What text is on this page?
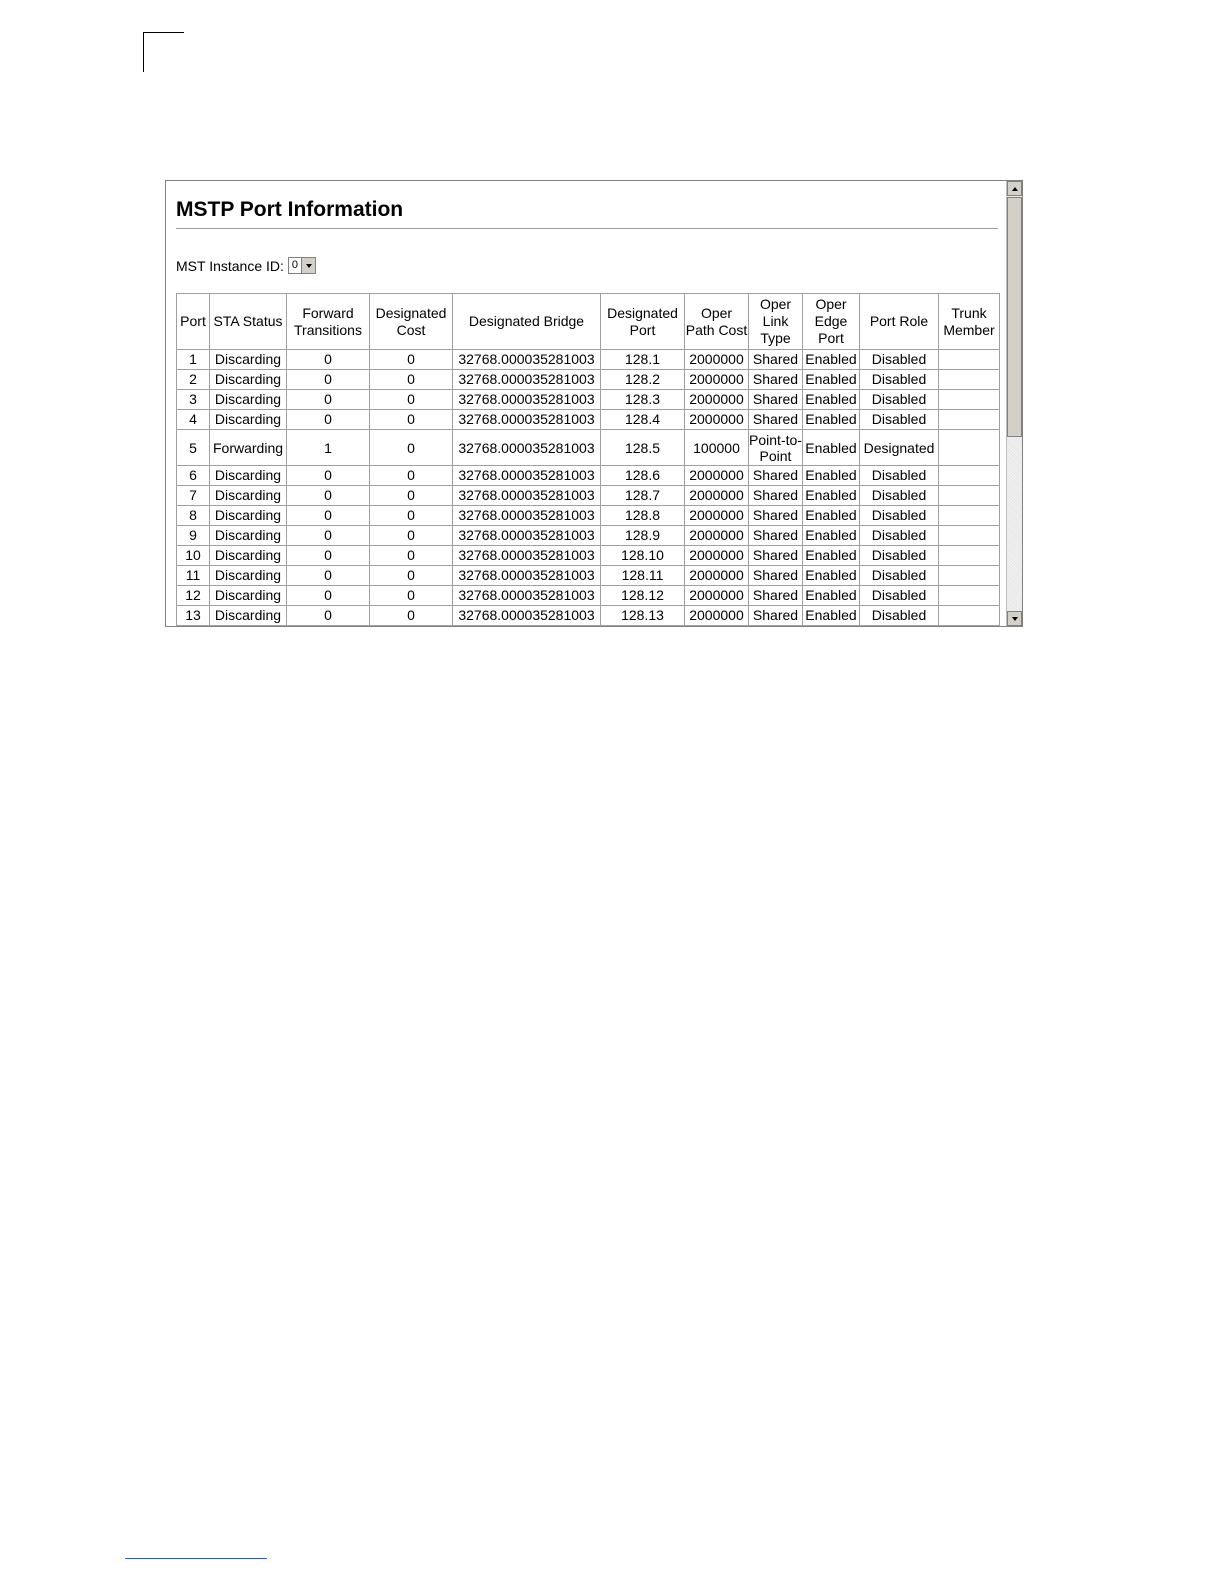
MSTP Port Information
MST Instance ID: 0
Port	STA Status	Forward Transitions	Designated Cost	Designated Bridge	Designated Port	Oper Path Cost	Oper Link Type	Oper Edge Port	Port Role	Trunk Member
1	Discarding	0	0	32768.000035281003	128.1	2000000	Shared	Enabled	Disabled	
2	Discarding	0	0	32768.000035281003	128.2	2000000	Shared	Enabled	Disabled	
3	Discarding	0	0	32768.000035281003	128.3	2000000	Shared	Enabled	Disabled	
4	Discarding	0	0	32768.000035281003	128.4	2000000	Shared	Enabled	Disabled	
5	Forwarding	1	0	32768.000035281003	128.5	100000	Point-to-Point	Enabled	Designated	
6	Discarding	0	0	32768.000035281003	128.6	2000000	Shared	Enabled	Disabled	
7	Discarding	0	0	32768.000035281003	128.7	2000000	Shared	Enabled	Disabled	
8	Discarding	0	0	32768.000035281003	128.8	2000000	Shared	Enabled	Disabled	
9	Discarding	0	0	32768.000035281003	128.9	2000000	Shared	Enabled	Disabled	
10	Discarding	0	0	32768.000035281003	128.10	2000000	Shared	Enabled	Disabled	
11	Discarding	0	0	32768.000035281003	128.11	2000000	Shared	Enabled	Disabled	
12	Discarding	0	0	32768.000035281003	128.12	2000000	Shared	Enabled	Disabled	
13	Discarding	0	0	32768.000035281003	128.13	2000000	Shared	Enabled	Disabled	
